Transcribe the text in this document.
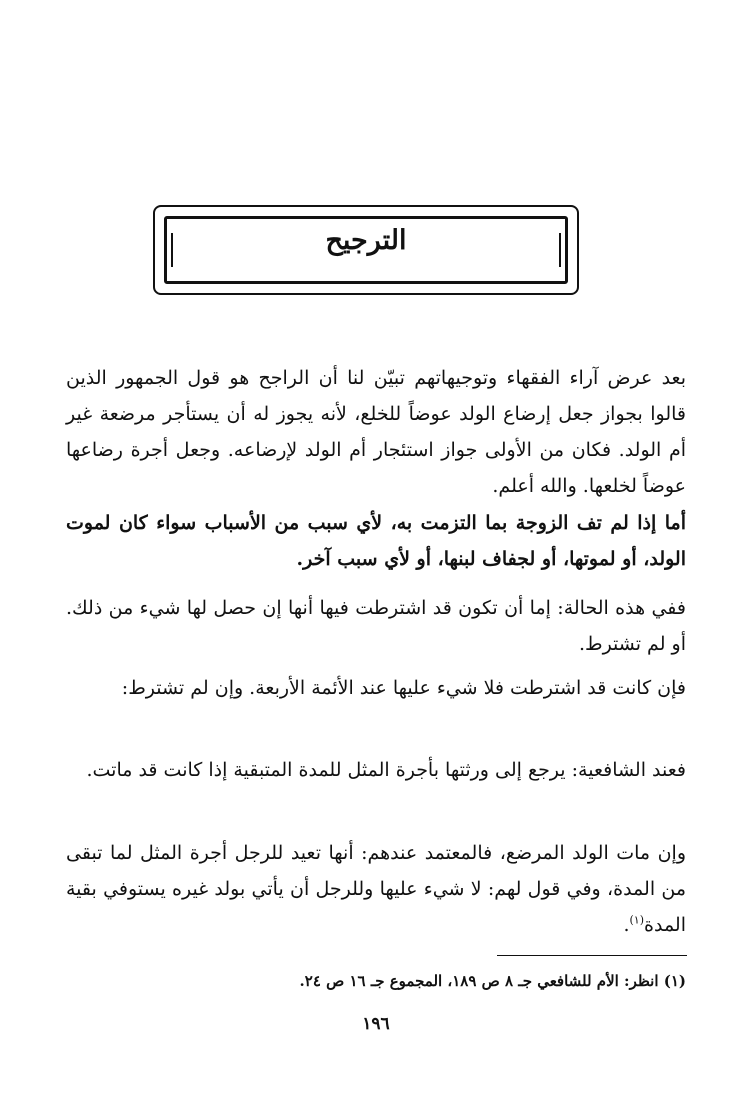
الترجيح
بعد عرض آراء الفقهاء وتوجيهاتهم تبيّن لنا أن الراجح هو قول الجمهور الذين قالوا بجواز جعل إرضاع الولد عوضاً للخلع، لأنه يجوز له أن يستأجر مرضعة غير أم الولد. فكان من الأولى جواز استئجار أم الولد لإرضاعه. وجعل أجرة رضاعها عوضاً لخلعها. والله أعلم.
أما إذا لم تف الزوجة بما التزمت به، لأي سبب من الأسباب سواء كان لموت الولد، أو لموتها، أو لجفاف لبنها، أو لأي سبب آخر.
ففي هذه الحالة: إما أن تكون قد اشترطت فيها أنها إن حصل لها شيء من ذلك. أو لم تشترط.
فإن كانت قد اشترطت فلا شيء عليها عند الأئمة الأربعة. وإن لم تشترط:
فعند الشافعية: يرجع إلى ورثتها بأجرة المثل للمدة المتبقية إذا كانت قد ماتت.
وإن مات الولد المرضع، فالمعتمد عندهم: أنها تعيد للرجل أجرة المثل لما تبقى من المدة، وفي قول لهم: لا شيء عليها وللرجل أن يأتي بولد غيره يستوفي بقية المدة$^{(١)}$.
(١) انظر: الأم للشافعي جـ ٨ ص ١٨٩، المجموع جـ ١٦ ص ٢٤.
١٩٦
